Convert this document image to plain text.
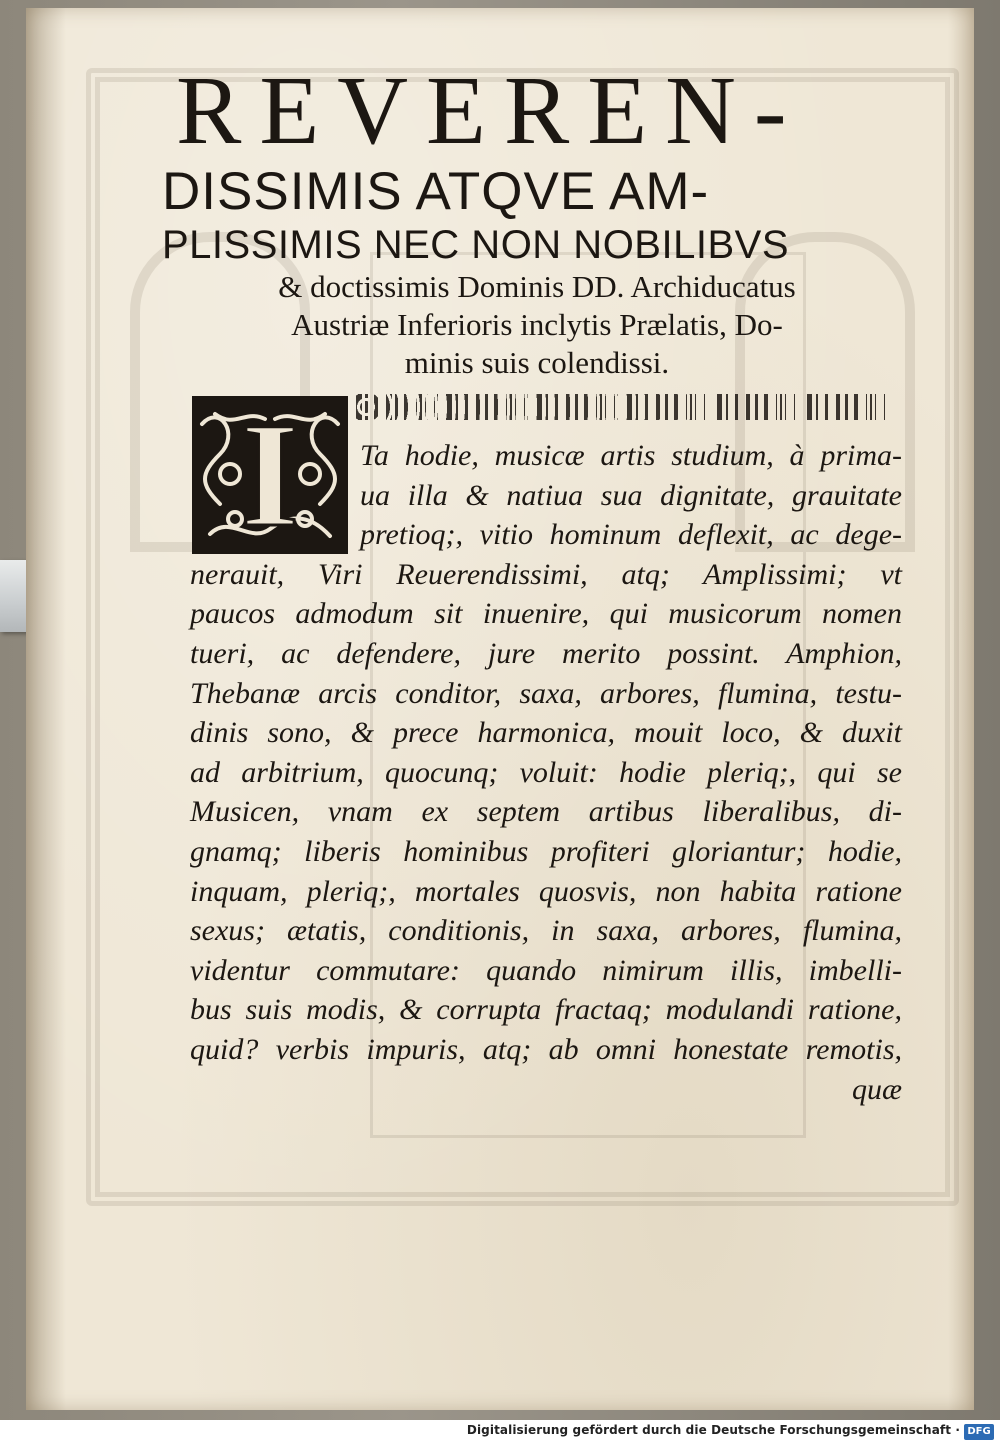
REVEREN-

DISSIMIS ATQVE AM-

PLISSIMIS NEC NON NOBILIBVS

& doctissimis Dominis DD. Archiducatus

Austriæ Inferioris inclytis Prælatis, Do-

minis suis colendissi.

I	Ta hodie, musicæ artis studium, à prima-
ua illa & natiua sua dignitate, grauitate
pretioq;, vitio hominum deflexit, ac dege-
nerauit, Viri Reuerendissimi, atq; Amplissimi; vt
paucos admodum sit inuenire, qui musicorum nomen
tueri, ac defendere, jure merito possint. Amphion,
Thebanæ arcis conditor, saxa, arbores, flumina, testu-
dinis sono, & prece harmonica, mouit loco, & duxit
ad arbitrium, quocunq; voluit: hodie pleriq;, qui se
Musicen, vnam ex septem artibus liberalibus, di-
gnamq; liberis hominibus profiteri gloriantur; hodie,
inquam, pleriq;, mortales quosvis, non habita ratione
sexus; ætatis, conditionis, in saxa, arbores, flumina,
videntur commutare: quando nimirum illis, imbelli-
bus suis modis, & corrupta fractaq; modulandi ratione,
quid? verbis impuris, atq; ab omni honestate remotis,
quæ
Digitalisierung gefördert durch die Deutsche Forschungsgemeinschaft · DFG
